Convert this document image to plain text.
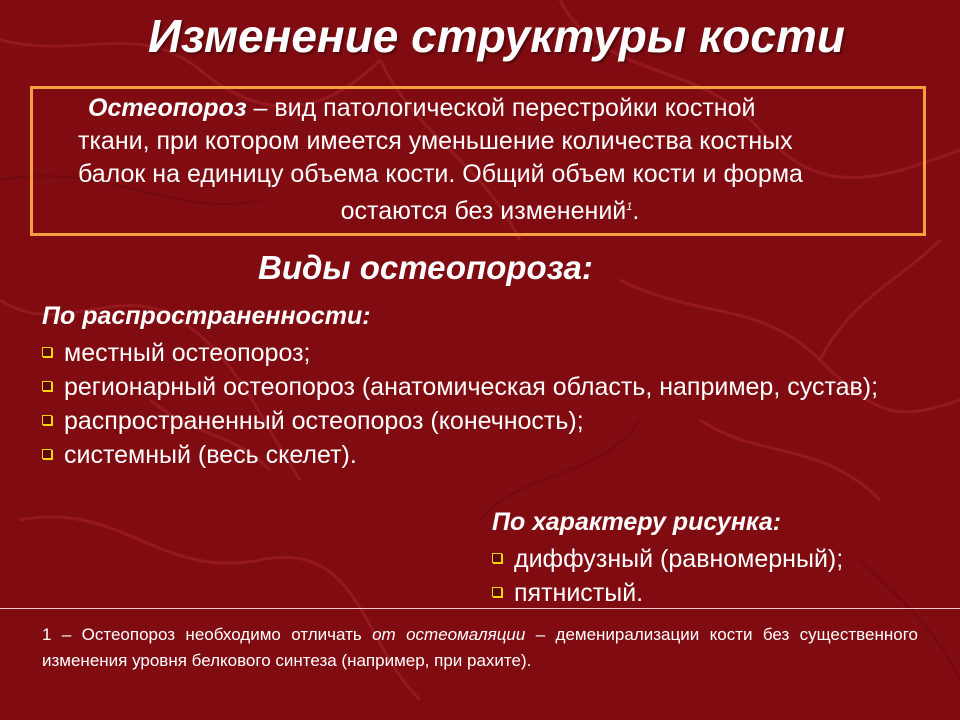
Изменение структуры кости
Остеопороз – вид патологической перестройки костной
ткани, при котором имеется уменьшение количества костных
балок на единицу объема кости. Общий объем кости и форма
остаются без изменений$^1$.
Виды остеопороза:
По распространенности:
местный остеопороз;
регионарный остеопороз (анатомическая область, например, сустав);
распространенный остеопороз (конечность);
системный (весь скелет).
По характеру рисунка:
диффузный (равномерный);
пятнистый.
1 – Остеопороз необходимо отличать от остеомаляции – деменирализации кости без существенного изменения уровня белкового синтеза (например, при рахите).
